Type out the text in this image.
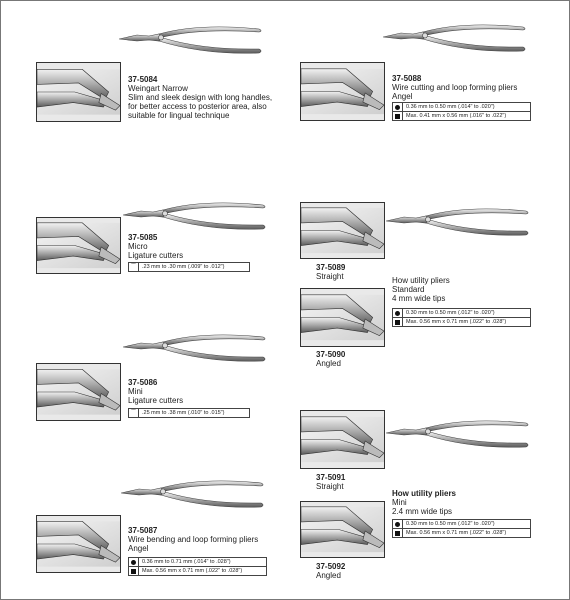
37-5084
Weingart Narrow
Slim and sleek design with long handles, for better access to posterior area, also suitable for lingual technique
37-5085
Micro
Ligature cutters
⌒	.23 mm to .30 mm (.009" to .012")
37-5086
Mini
Ligature cutters
⌒	.25 mm to .38 mm (.010" to .015")
37-5087
Wire bending and loop forming pliers
Angel
0.36 mm to 0.71 mm (.014" to .028")
Max. 0.56 mm x 0.71 mm (.022" to .028")
37-5088
Wire cutting and loop forming pliers
Angel
0.36 mm to 0.50 mm (.014" to .020")
Max. 0.41 mm x 0.56 mm (.016" to .022")
37-5089
Straight	How utility pliers
Standard
4 mm wide tips
0.30 mm to 0.50 mm (.012" to .020")
Max. 0.56 mm x 0.71 mm (.022" to .028")
37-5090
Angled
37-5091
Straight
How utility pliers
Mini
2.4 mm wide tips
0.30 mm to 0.50 mm (.012" to .020")
Max. 0.56 mm x 0.71 mm (.022" to .028")
37-5092
Angled
